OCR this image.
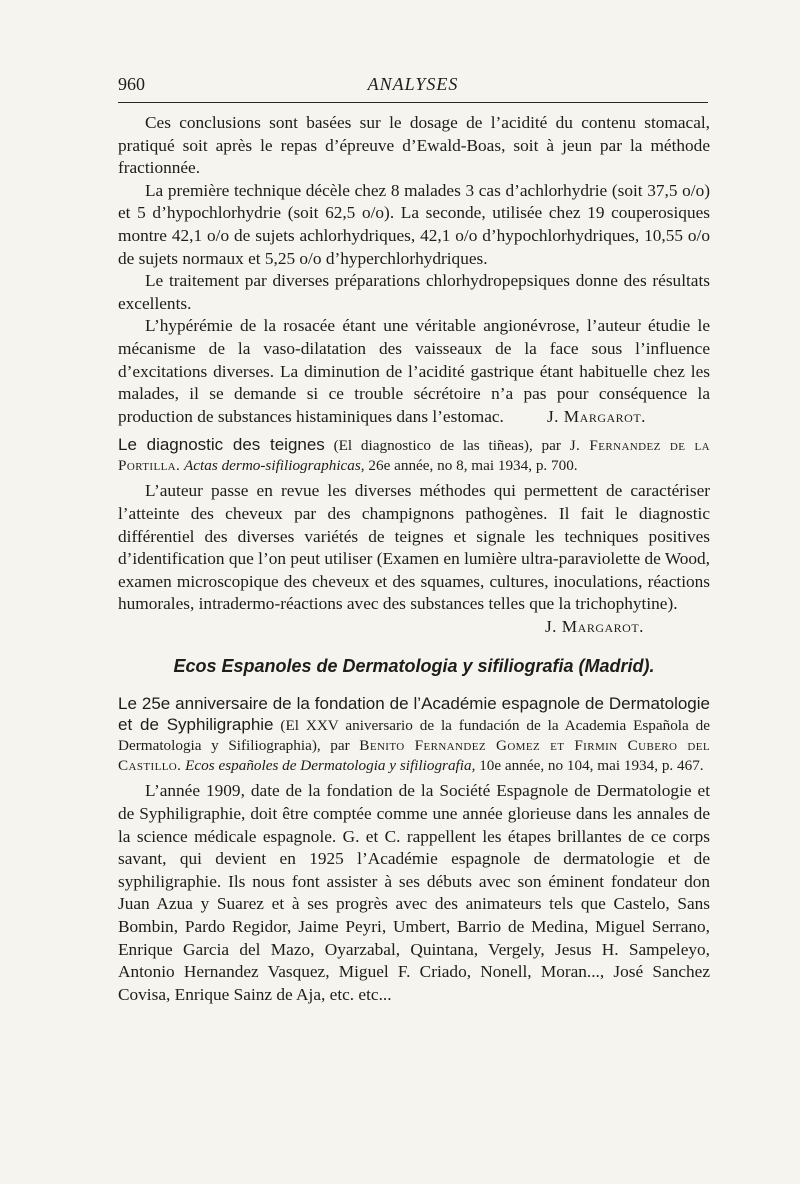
960	ANALYSES

Ces conclusions sont basées sur le dosage de l’acidité du contenu stomacal, pratiqué soit après le repas d’épreuve d’Ewald-Boas, soit à jeun par la méthode fractionnée.

La première technique décèle chez 8 malades 3 cas d’achlorhydrie (soit 37,5 o/o) et 5 d’hypochlorhydrie (soit 62,5 o/o). La seconde, utilisée chez 19 couperosiques montre 42,1 o/o de sujets achlorhydriques, 42,1 o/o d’hypochlorhydriques, 10,55 o/o de sujets normaux et 5,25 o/o d’hyperchlorhydriques.

Le traitement par diverses préparations chlorhydropepsiques donne des résultats excellents.

L’hypérémie de la rosacée étant une véritable angionévrose, l’auteur étudie le mécanisme de la vaso-dilatation des vaisseaux de la face sous l’influence d’excitations diverses. La diminution de l’acidité gastrique étant habituelle chez les malades, il se demande si ce trouble sécrétoire n’a pas pour conséquence la production de substances histaminiques dans l’estomac.	J. Margarot.

Le diagnostic des teignes (El diagnostico de las tiñeas), par J. Fernandez de la Portilla. Actas dermo-sifiliographicas, 26e année, no 8, mai 1934, p. 700.

L’auteur passe en revue les diverses méthodes qui permettent de caractériser l’atteinte des cheveux par des champignons pathogènes. Il fait le diagnostic différentiel des diverses variétés de teignes et signale les techniques positives d’identification que l’on peut utiliser (Examen en lumière ultra-paraviolette de Wood, examen microscopique des cheveux et des squames, cultures, inoculations, réactions humorales, intradermo-réactions avec des substances telles que la trichophytine).

J. Margarot.

Ecos Espanoles de Dermatologia y sifiliografia (Madrid).

Le 25e anniversaire de la fondation de l’Académie espagnole de Dermatologie et de Syphiligraphie (El XXV aniversario de la fundación de la Academia Española de Dermatologia y Sifiliographia), par Benito Fernandez Gomez et Firmin Cubero del Castillo. Ecos españoles de Dermatologia y sifiliografia, 10e année, no 104, mai 1934, p. 467.

L’année 1909, date de la fondation de la Société Espagnole de Dermatologie et de Syphiligraphie, doit être comptée comme une année glorieuse dans les annales de la science médicale espagnole. G. et C. rappellent les étapes brillantes de ce corps savant, qui devient en 1925 l’Académie espagnole de dermatologie et de syphiligraphie. Ils nous font assister à ses débuts avec son éminent fondateur don Juan Azua y Suarez et à ses progrès avec des animateurs tels que Castelo, Sans Bombin, Pardo Regidor, Jaime Peyri, Umbert, Barrio de Medina, Miguel Serrano, Enrique Garcia del Mazo, Oyarzabal, Quintana, Vergely, Jesus H. Sampeleyo, Antonio Hernandez Vasquez, Miguel F. Criado, Nonell, Moran..., José Sanchez Covisa, Enrique Sainz de Aja, etc. etc...
